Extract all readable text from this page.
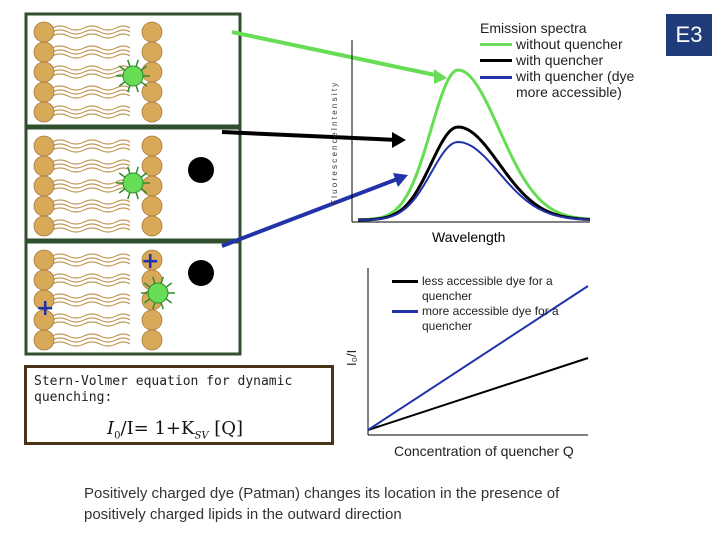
E3
+
+
Wavelength
F l u o r e s c e n c e I n t e n s i t y
Concentration of quencher Q
I₀/I
Emission spectra
without quencher
with quencher
with quencher (dye more accessible)
less accessible dye for a quencher
more accessible dye for a quencher
Stern-Volmer equation for dynamic quenching:
$I_0/I= 1+K_{SV}$ [Q]
Positively charged dye (Patman) changes its location in the presence of positively charged lipids in the outward direction
